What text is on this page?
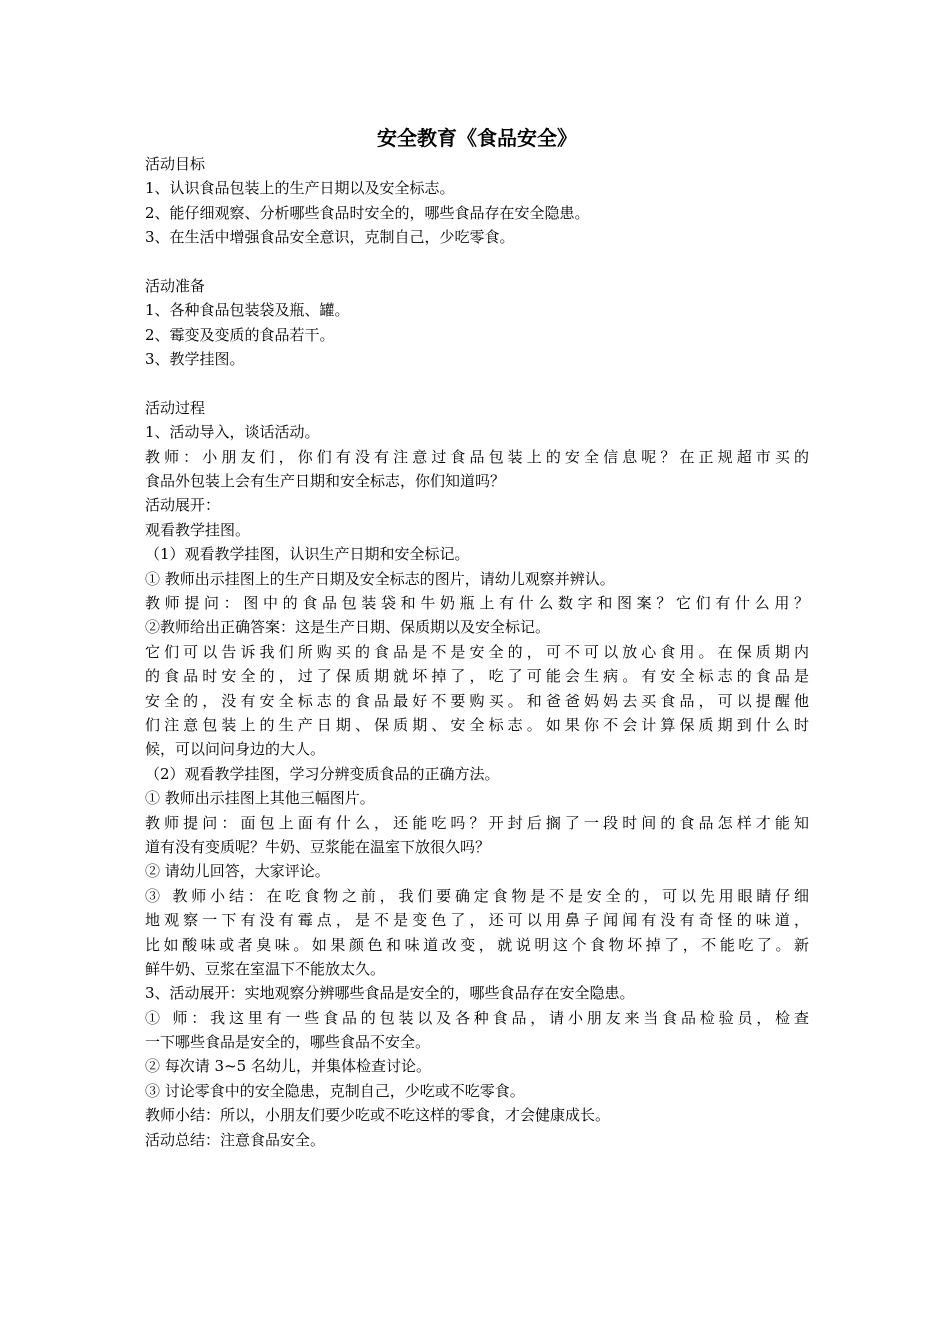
安全教育《食品安全》
活动目标
1、认识食品包装上的生产日期以及安全标志。
2、能仔细观察、分析哪些食品时安全的，哪些食品存在安全隐患。
3、在生活中增强食品安全意识，克制自己，少吃零食。
活动准备
1、各种食品包装袋及瓶、罐。
2、霉变及变质的食品若干。
3、教学挂图。
活动过程
1、活动导入，谈话活动。
教师：小朋友们，你们有没有注意过食品包装上的安全信息呢？在正规超市买的
食品外包装上会有生产日期和安全标志，你们知道吗？
活动展开：
观看教学挂图。
（1）观看教学挂图，认识生产日期和安全标记。
① 教师出示挂图上的生产日期及安全标志的图片，请幼儿观察并辨认。
教师提问：图中的食品包装袋和牛奶瓶上有什么数字和图案？它们有什么用？
②教师给出正确答案：这是生产日期、保质期以及安全标记。
它们可以告诉我们所购买的食品是不是安全的，可不可以放心食用。在保质期内
的食品时安全的，过了保质期就坏掉了，吃了可能会生病。有安全标志的食品是
安全的，没有安全标志的食品最好不要购买。和爸爸妈妈去买食品，可以提醒他
们注意包装上的生产日期、保质期、安全标志。如果你不会计算保质期到什么时
候，可以问问身边的大人。
（2）观看教学挂图，学习分辨变质食品的正确方法。
① 教师出示挂图上其他三幅图片。
教师提问：面包上面有什么，还能吃吗？开封后搁了一段时间的食品怎样才能知
道有没有变质呢？牛奶、豆浆能在温室下放很久吗？
② 请幼儿回答，大家评论。
③ 教师小结：在吃食物之前，我们要确定食物是不是安全的，可以先用眼睛仔细
地观察一下有没有霉点，是不是变色了，还可以用鼻子闻闻有没有奇怪的味道，
比如酸味或者臭味。如果颜色和味道改变，就说明这个食物坏掉了，不能吃了。新
鲜牛奶、豆浆在室温下不能放太久。
3、活动展开：实地观察分辨哪些食品是安全的，哪些食品存在安全隐患。
① 师：我这里有一些食品的包装以及各种食品，请小朋友来当食品检验员，检查
一下哪些食品是安全的，哪些食品不安全。
② 每次请 3~5 名幼儿，并集体检查讨论。
③ 讨论零食中的安全隐患，克制自己，少吃或不吃零食。
教师小结：所以，小朋友们要少吃或不吃这样的零食，才会健康成长。
活动总结：注意食品安全。
